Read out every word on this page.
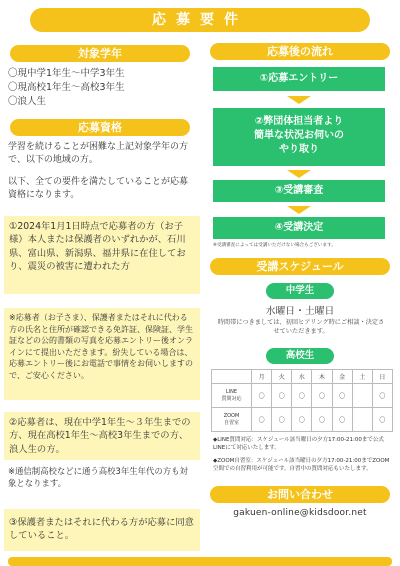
応募要件
対象学年
〇現中学1年生〜中学3年生
〇現高校1年生〜高校3年生
〇浪人生
応募資格
学習を続けることが困難な上記対象学年の方で、以下の地域の方。
以下、全ての要件を満たしていることが応募資格になります。
①2024年1月1日時点で応募者の方（お子様）本人または保護者のいずれかが、石川県、富山県、新潟県、福井県に在住しており、震災の被害に遭われた方
※応募者（お子さま）、保護者またはそれに代わる方の氏名と住所が確認できる免許証、保険証、学生証などの公的書類の写真を応募エントリー後オンラインにて提出いただきます。紛失している場合は、応募エントリー後にお電話で事情をお伺いしますので、ご安心ください。
②応募者は、現在中学1年生〜３年生までの方、現在高校1年生〜高校3年生までの方、浪人生の方。
※通信制高校などに通う高校3年生年代の方も対象となります。
③保護者またはそれに代わる方が応募に同意していること。
応募後の流れ
①応募エントリー
②弊団体担当者より
簡単な状況お伺いの
やり取り
③受講審査
④受講決定
※受講審査によっては受講いただけない場合もございます。
受講スケジュール
中学生
水曜日・土曜日
時間帯につきましては、初回ヒアリング時にご相談・決定させていただきます。
高校生
	月	火	水	木	金	土	日
LINE
質問対応	〇	〇	〇	〇	〇		〇
ZOOM
自習室	〇	〇	〇	〇	〇		〇
◆LINE質問対応：スケジュール該当曜日の夕方17:00-21:00まで公式LINEにて対応いたします。
◆ZOOM自習室：スケジュール該当曜日の夕方17:00-21:00までZOOM空間での自習利用が可能です。自習中の質問対応もいたします。
お問い合わせ
gakuen-online@kidsdoor.net
